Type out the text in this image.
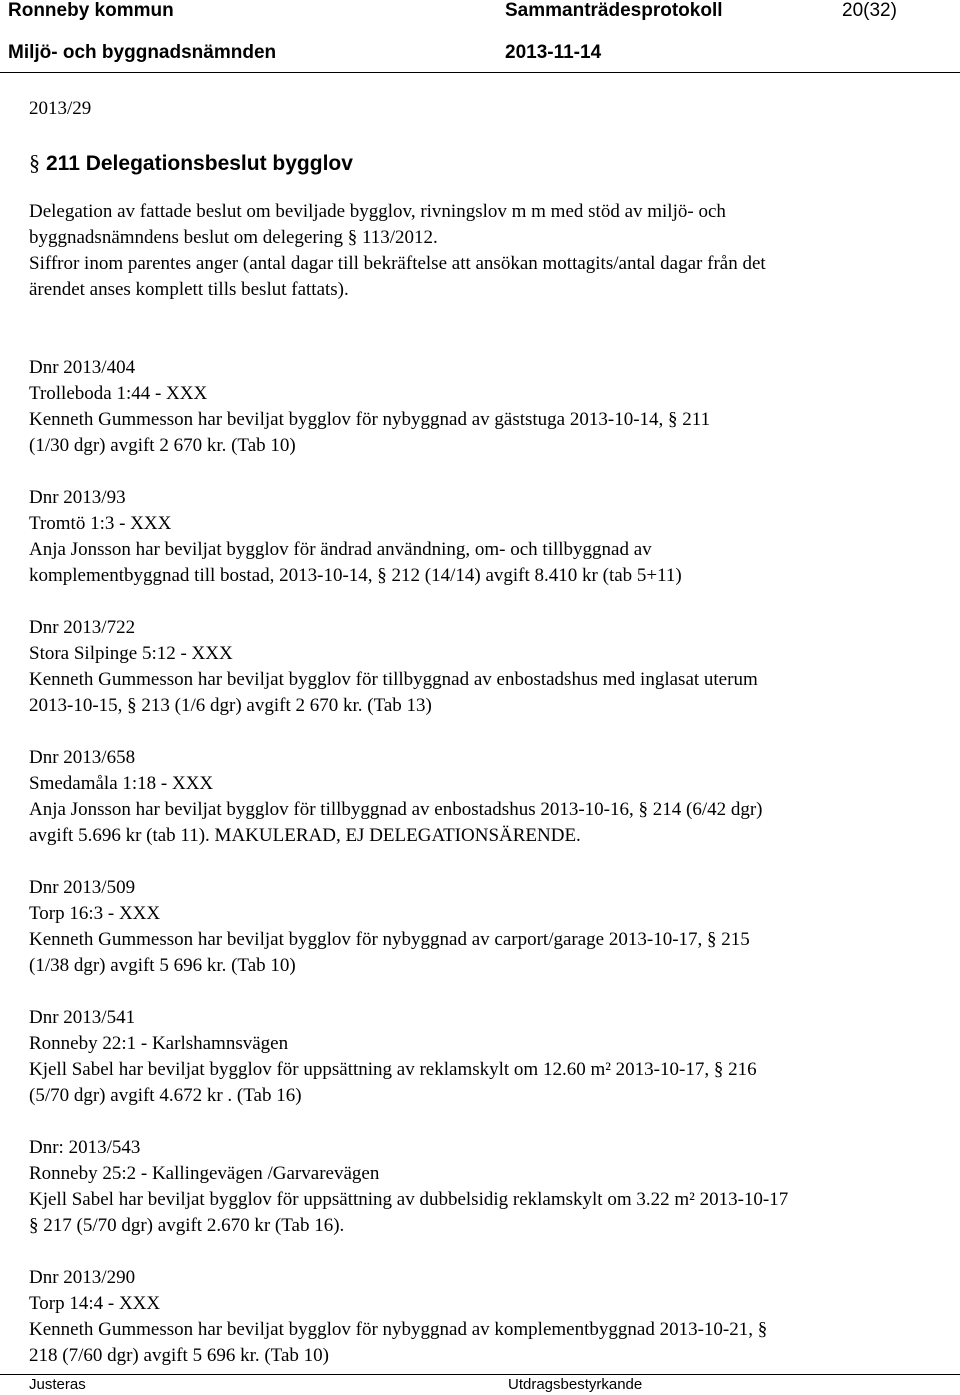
Ronneby kommun	Sammanträdesprotokoll	20(32)
Miljö- och byggnadsnämnden	2013-11-14

2013/29

§ 211 Delegationsbeslut bygglov

Delegation av fattade beslut om beviljade bygglov, rivningslov m m med stöd av miljö- och

byggnadsnämndens beslut om delegering § 113/2012.

Siffror inom parentes anger (antal dagar till bekräftelse att ansökan mottagits/antal dagar från det

ärendet anses komplett tills beslut fattats).

Dnr 2013/404

Trolleboda 1:44 - XXX

Kenneth Gummesson har beviljat bygglov för nybyggnad av gäststuga 2013-10-14, § 211

(1/30 dgr) avgift 2 670 kr. (Tab 10)

Dnr 2013/93

Tromtö 1:3 - XXX

Anja Jonsson har beviljat bygglov för ändrad användning, om- och tillbyggnad av

komplementbyggnad till bostad, 2013-10-14, § 212 (14/14) avgift 8.410 kr (tab 5+11)

Dnr 2013/722

Stora Silpinge 5:12 - XXX

Kenneth Gummesson har beviljat bygglov för tillbyggnad av enbostadshus med inglasat uterum

2013-10-15, § 213 (1/6 dgr) avgift 2 670 kr. (Tab 13)

Dnr 2013/658

Smedamåla 1:18 - XXX

Anja Jonsson har beviljat bygglov för tillbyggnad av enbostadshus 2013-10-16, § 214 (6/42 dgr)

avgift 5.696 kr (tab 11). MAKULERAD, EJ DELEGATIONSÄRENDE.

Dnr 2013/509

Torp 16:3 - XXX

Kenneth Gummesson har beviljat bygglov för nybyggnad av carport/garage 2013-10-17, § 215

(1/38 dgr) avgift 5 696 kr. (Tab 10)

Dnr 2013/541

Ronneby 22:1 - Karlshamnsvägen

Kjell Sabel har beviljat bygglov för uppsättning av reklamskylt om 12.60 m² 2013-10-17, § 216

(5/70 dgr) avgift 4.672 kr . (Tab 16)

Dnr: 2013/543

Ronneby 25:2 - Kallingevägen /Garvarevägen

Kjell Sabel har beviljat bygglov för uppsättning av dubbelsidig reklamskylt om 3.22 m² 2013-10-17

§ 217 (5/70 dgr) avgift 2.670 kr (Tab 16).

Dnr 2013/290

Torp 14:4 - XXX

Kenneth Gummesson har beviljat bygglov för nybyggnad av komplementbyggnad 2013-10-21, §

218 (7/60 dgr) avgift 5 696 kr. (Tab 10)

Justeras	Utdragsbestyrkande
